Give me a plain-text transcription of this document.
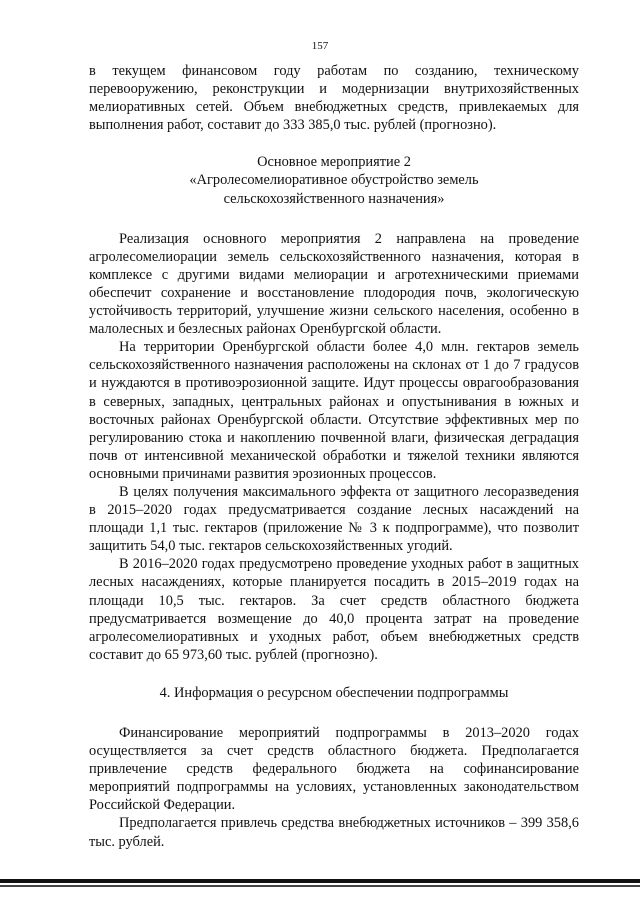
157

в текущем финансовом году работам по созданию, техническому перевооружению, реконструкции и модернизации внутрихозяйственных мелиоративных сетей. Объем внебюджетных средств, привлекаемых для выполнения работ, составит до 333 385,0 тыс. рублей (прогнозно).

Основное мероприятие 2

«Агролесомелиоративное обустройство земель

сельскохозяйственного назначения»

Реализация основного мероприятия 2 направлена на проведение агролесомелиорации земель сельскохозяйственного назначения, которая в комплексе с другими видами мелиорации и агротехническими приемами обеспечит сохранение и восстановление плодородия почв, экологическую устойчивость территорий, улучшение жизни сельского населения, особенно в малолесных и безлесных районах Оренбургской области.

На территории Оренбургской области более 4,0 млн. гектаров земель сельскохозяйственного назначения расположены на склонах от 1 до 7 градусов и нуждаются в противоэрозионной защите. Идут процессы оврагообразования в северных, западных, центральных районах и опустынивания в южных и восточных районах Оренбургской области. Отсутствие эффективных мер по регулированию стока и накоплению почвенной влаги, физическая деградация почв от интенсивной механической обработки и тяжелой техники являются основными причинами развития эрозионных процессов.

В целях получения максимального эффекта от защитного лесоразведения в 2015–2020 годах предусматривается создание лесных насаждений на площади 1,1 тыс. гектаров (приложение № 3 к подпрограмме), что позволит защитить 54,0 тыс. гектаров сельскохозяйственных угодий.

В 2016–2020 годах предусмотрено проведение уходных работ в защитных лесных насаждениях, которые планируется посадить в 2015–2019 годах на площади 10,5 тыс. гектаров. За счет средств областного бюджета предусматривается возмещение до 40,0 процента затрат на проведение агролесомелиоративных и уходных работ, объем внебюджетных средств составит до 65 973,60 тыс. рублей (прогнозно).

4. Информация о ресурсном обеспечении подпрограммы

Финансирование мероприятий подпрограммы в 2013–2020 годах осуществляется за счет средств областного бюджета. Предполагается привлечение средств федерального бюджета на софинансирование мероприятий подпрограммы на условиях, установленных законодательством Российской Федерации.

Предполагается привлечь средства внебюджетных источников – 399 358,6 тыс. рублей.
